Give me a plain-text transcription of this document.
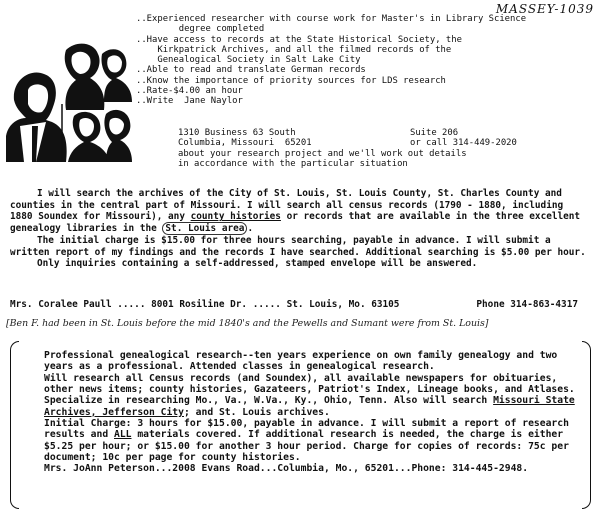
MASSEY-1039

..Experienced researcher with course work for Master's in Library Science

degree completed

..Have access to records at the State Historical Society, the

Kirkpatrick Archives, and all the filmed records of the

Genealogical Society in Salt Lake City

..Able to read and translate German records

..Know the importance of priority sources for LDS research

..Rate-$4.00 an hour

..Write  Jane Naylor

1310 Business 63 South	Suite 206
Columbia, Missouri  65201	or call 314-449-2020

about your research project and we'll work out details

in accordance with the particular situation

I will search the archives of the City of St. Louis, St. Louis County, St. Charles County and counties in the central part of Missouri. I will search all census records (1790 - 1880, including 1880 Soundex for Missouri), any county histories or records that are available in the three excellent genealogy libraries in the St. Louis area .

The initial charge is $15.00 for three hours searching, payable in advance. I will submit a written report of my findings and the records I have searched. Additional searching is $5.00 per hour.

Only inquiries containing a self-addressed, stamped envelope will be answered.

Mrs. Coralee Paull ..... 8001 Rosiline Dr. ..... St. Louis, Mo. 63105	Phone 314-863-4317
[Ben F. had been in St. Louis before the mid 1840's and the Pewells and Sumant were from St. Louis]

Professional genealogical research--ten years experience on own family genealogy and two years as a professional. Attended classes in genealogical research.

Will research all Census records (and Soundex), all available newspapers for obituaries, other news items; county histories, Gazateers, Patriot's Index, Lineage books, and Atlases. Specialize in researching Mo., Va., W.Va., Ky., Ohio, Tenn. Also will search Missouri State Archives, Jefferson City; and St. Louis archives.

Initial Charge: 3 hours for $15.00, payable in advance. I will submit a report of research results and ALL materials covered. If additional research is needed, the charge is either $5.25 per hour; or $15.00 for another 3 hour period. Charge for copies of records: 75c per document; 10c per page for county histories.

Mrs. JoAnn Peterson...2008 Evans Road...Columbia, Mo., 65201...Phone: 314-445-2948.
